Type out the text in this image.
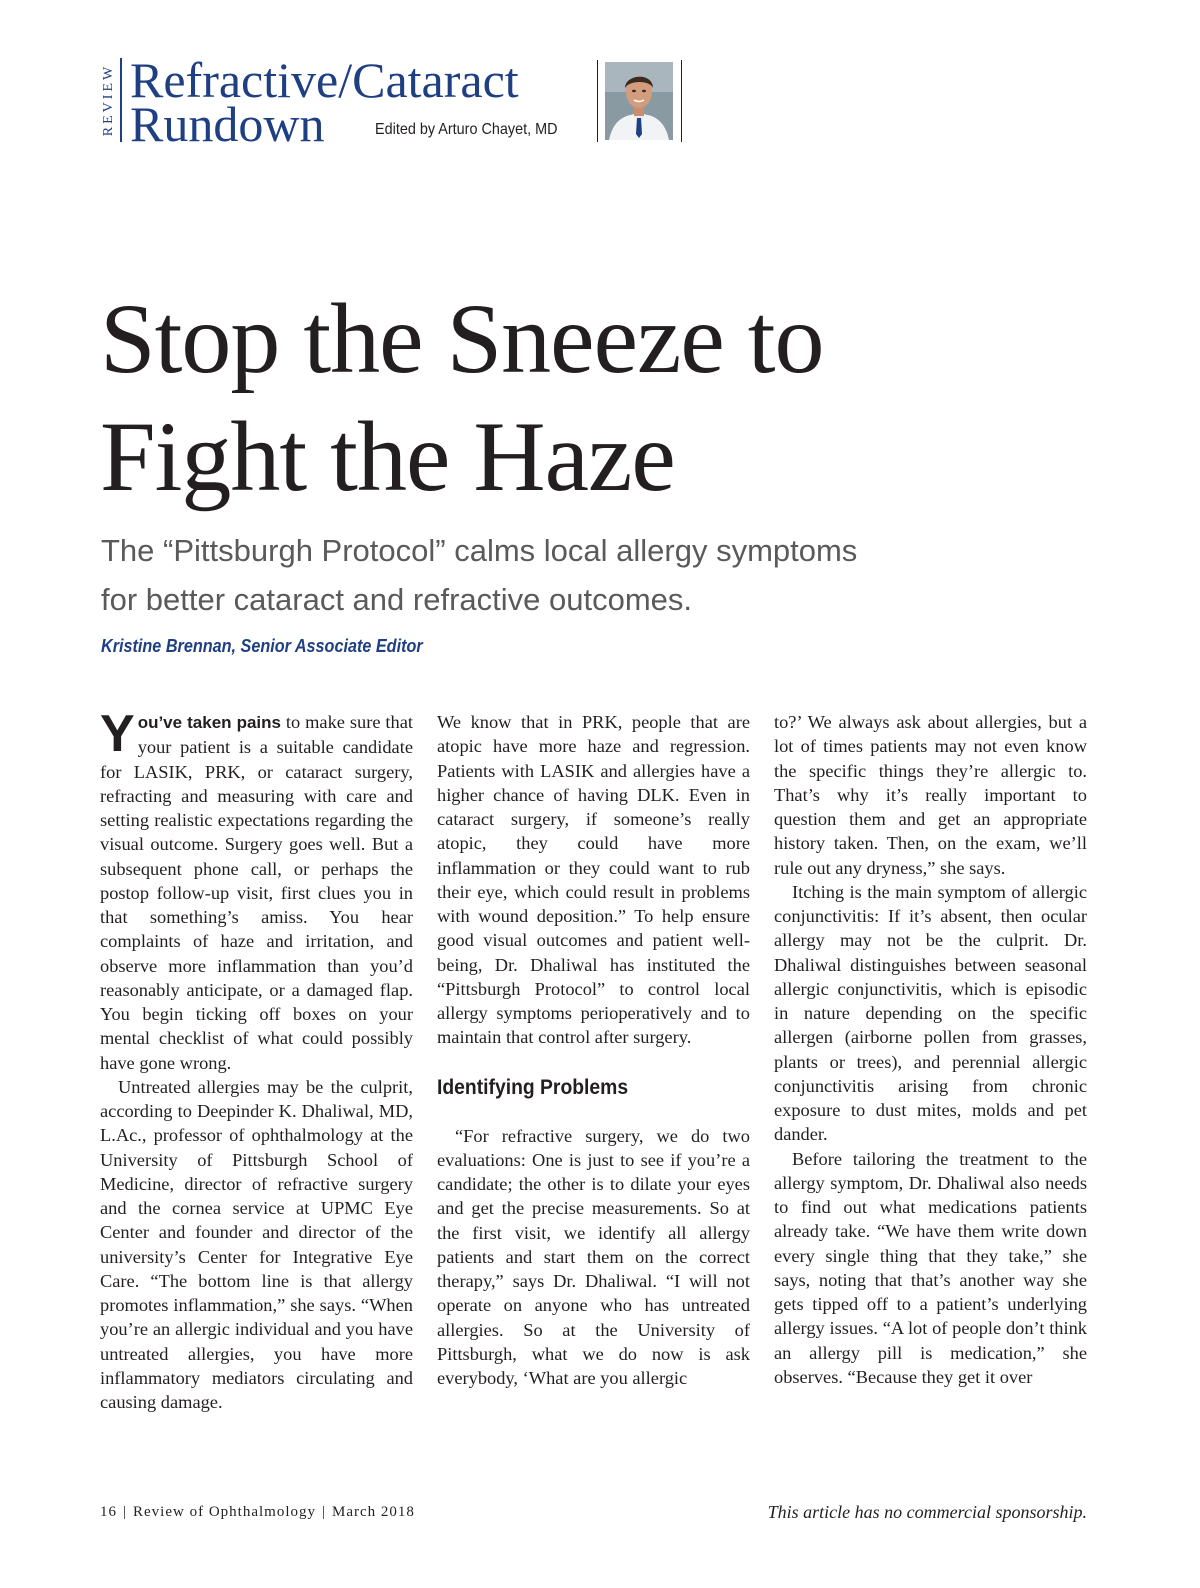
REVIEW Refractive/Cataract
Rundown	Edited by Arturo Chayet, MD
Stop the Sneeze to
Fight the Haze
The “Pittsburgh Protocol” calms local allergy symptoms
for better cataract and refractive outcomes.
Kristine Brennan, Senior Associate Editor

You’ve taken pains to make sure that your patient is a suitable candidate for LASIK, PRK, or cataract surgery, refracting and measuring with care and setting realistic expectations regarding the visual outcome. Surgery goes well. But a subsequent phone call, or perhaps the postop follow-up visit, first clues you in that something’s amiss. You hear complaints of haze and irritation, and observe more inflammation than you’d reasonably anticipate, or a damaged flap. You begin ticking off boxes on your mental checklist of what could possibly have gone wrong.

Untreated allergies may be the culprit, according to Deepinder K. Dhaliwal, MD, L.Ac., professor of ophthalmology at the University of Pittsburgh School of Medicine, director of refractive surgery and the cornea service at UPMC Eye Center and founder and director of the university’s Center for Integrative Eye Care. “The bottom line is that allergy promotes inflammation,” she says. “When you’re an allergic individual and you have untreated allergies, you have more inflammatory mediators circulating and causing damage.

We know that in PRK, people that are atopic have more haze and regression. Patients with LASIK and allergies have a higher chance of having DLK. Even in cataract surgery, if someone’s really atopic, they could have more inflammation or they could want to rub their eye, which could result in problems with wound deposition.” To help ensure good visual outcomes and patient well-being, Dr. Dhaliwal has instituted the “Pittsburgh Protocol” to control local allergy symptoms perioperatively and to maintain that control after surgery.

Identifying Problems

“For refractive surgery, we do two evaluations: One is just to see if you’re a candidate; the other is to dilate your eyes and get the precise measurements. So at the first visit, we identify all allergy patients and start them on the correct therapy,” says Dr. Dhaliwal. “I will not operate on anyone who has untreated allergies. So at the University of Pittsburgh, what we do now is ask everybody, ‘What are you allergic

to?’ We always ask about allergies, but a lot of times patients may not even know the specific things they’re allergic to. That’s why it’s really important to question them and get an appropriate history taken. Then, on the exam, we’ll rule out any dryness,” she says.

Itching is the main symptom of allergic conjunctivitis: If it’s absent, then ocular allergy may not be the culprit. Dr. Dhaliwal distinguishes between seasonal allergic conjunctivitis, which is episodic in nature depending on the specific allergen (airborne pollen from grasses, plants or trees), and perennial allergic conjunctivitis arising from chronic exposure to dust mites, molds and pet dander.

Before tailoring the treatment to the allergy symptom, Dr. Dhaliwal also needs to find out what medications patients already take. “We have them write down every single thing that they take,” she says, noting that that’s another way she gets tipped off to a patient’s underlying allergy issues. “A lot of people don’t think an allergy pill is medication,” she observes. “Because they get it over

16 | Review of Ophthalmology | March 2018	This article has no commercial sponsorship.
